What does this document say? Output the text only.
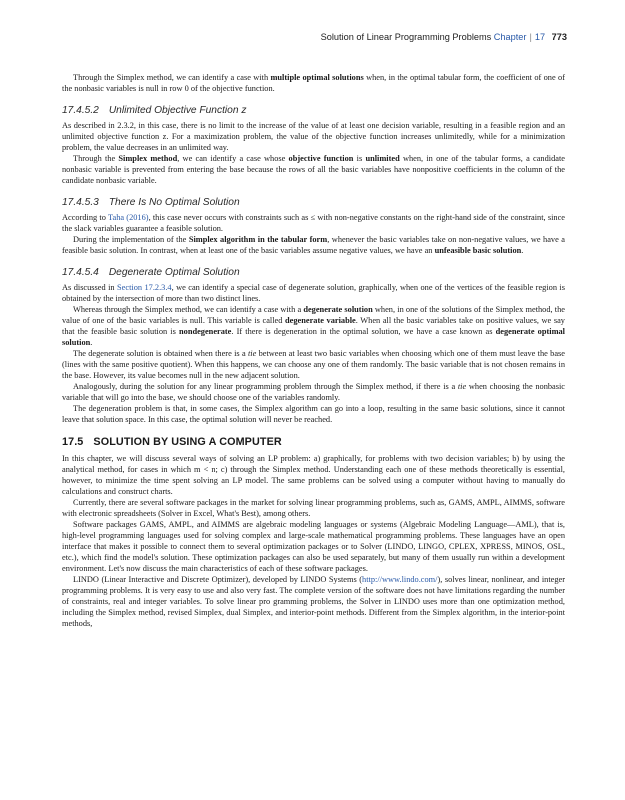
Solution of Linear Programming Problems Chapter | 17 773

Through the Simplex method, we can identify a case with multiple optimal solutions when, in the optimal tabular form, the coefficient of one of the nonbasic variables is null in row 0 of the objective function.

17.4.5.2 Unlimited Objective Function z

As described in 2.3.2, in this case, there is no limit to the increase of the value of at least one decision variable, resulting in a feasible region and an unlimited objective function z. For a maximization problem, the value of the objective function increases unlimitedly, while for a minimization problem, the value decreases in an unlimited way.

Through the Simplex method, we can identify a case whose objective function is unlimited when, in one of the tabular forms, a candidate nonbasic variable is prevented from entering the base because the rows of all the basic variables have nonpositive coefficients in the column of the candidate nonbasic variable.

17.4.5.3 There Is No Optimal Solution

According to Taha (2016), this case never occurs with constraints such as ≤ with non-negative constants on the right-hand side of the constraint, since the slack variables guarantee a feasible solution.

During the implementation of the Simplex algorithm in the tabular form, whenever the basic variables take on non-negative values, we have a feasible basic solution. In contrast, when at least one of the basic variables assume negative values, we have an unfeasible basic solution.

17.4.5.4 Degenerate Optimal Solution

As discussed in Section 17.2.3.4, we can identify a special case of degenerate solution, graphically, when one of the vertices of the feasible region is obtained by the intersection of more than two distinct lines.

Whereas through the Simplex method, we can identify a case with a degenerate solution when, in one of the solutions of the Simplex method, the value of one of the basic variables is null. This variable is called degenerate variable. When all the basic variables take on positive values, we say that the feasible basic solution is nondegenerate. If there is degeneration in the optimal solution, we have a case known as degenerate optimal solution.

The degenerate solution is obtained when there is a tie between at least two basic variables when choosing which one of them must leave the base (lines with the same positive quotient). When this happens, we can choose any one of them randomly. The basic variable that is not chosen remains in the base. However, its value becomes null in the new adjacent solution.

Analogously, during the solution for any linear programming problem through the Simplex method, if there is a tie when choosing the nonbasic variable that will go into the base, we should choose one of the variables randomly.

The degeneration problem is that, in some cases, the Simplex algorithm can go into a loop, resulting in the same basic solutions, since it cannot leave that solution space. In this case, the optimal solution will never be reached.

17.5 SOLUTION BY USING A COMPUTER

In this chapter, we will discuss several ways of solving an LP problem: a) graphically, for problems with two decision variables; b) by using the analytical method, for cases in which m < n; c) through the Simplex method. Understanding each one of these methods theoretically is essential, however, to minimize the time spent solving an LP model. The same problems can be solved using a computer without having to manually do calculations and construct charts.

Currently, there are several software packages in the market for solving linear programming problems, such as, GAMS, AMPL, AIMMS, software with electronic spreadsheets (Solver in Excel, What's Best), among others.

Software packages GAMS, AMPL, and AIMMS are algebraic modeling languages or systems (Algebraic Modeling Language—AML), that is, high-level programming languages used for solving complex and large-scale mathematical programming problems. These languages have an open interface that makes it possible to connect them to several optimization packages or to Solver (LINDO, LINGO, CPLEX, XPRESS, MINOS, OSL, etc.), which find the model's solution. These optimization packages can also be used separately, but many of them usually run within a development environment. Let's now discuss the main characteristics of each of these software packages.

LINDO (Linear Interactive and Discrete Optimizer), developed by LINDO Systems (http://www.lindo.com/), solves linear, nonlinear, and integer programming problems. It is very easy to use and also very fast. The complete version of the software does not have limitations regarding the number of constraints, real and integer variables. To solve linear pro gramming problems, the Solver in LINDO uses more than one optimization method, including the Simplex method, revised Simplex, dual Simplex, and interior-point methods. Different from the Simplex algorithm, in the interior-point methods,
